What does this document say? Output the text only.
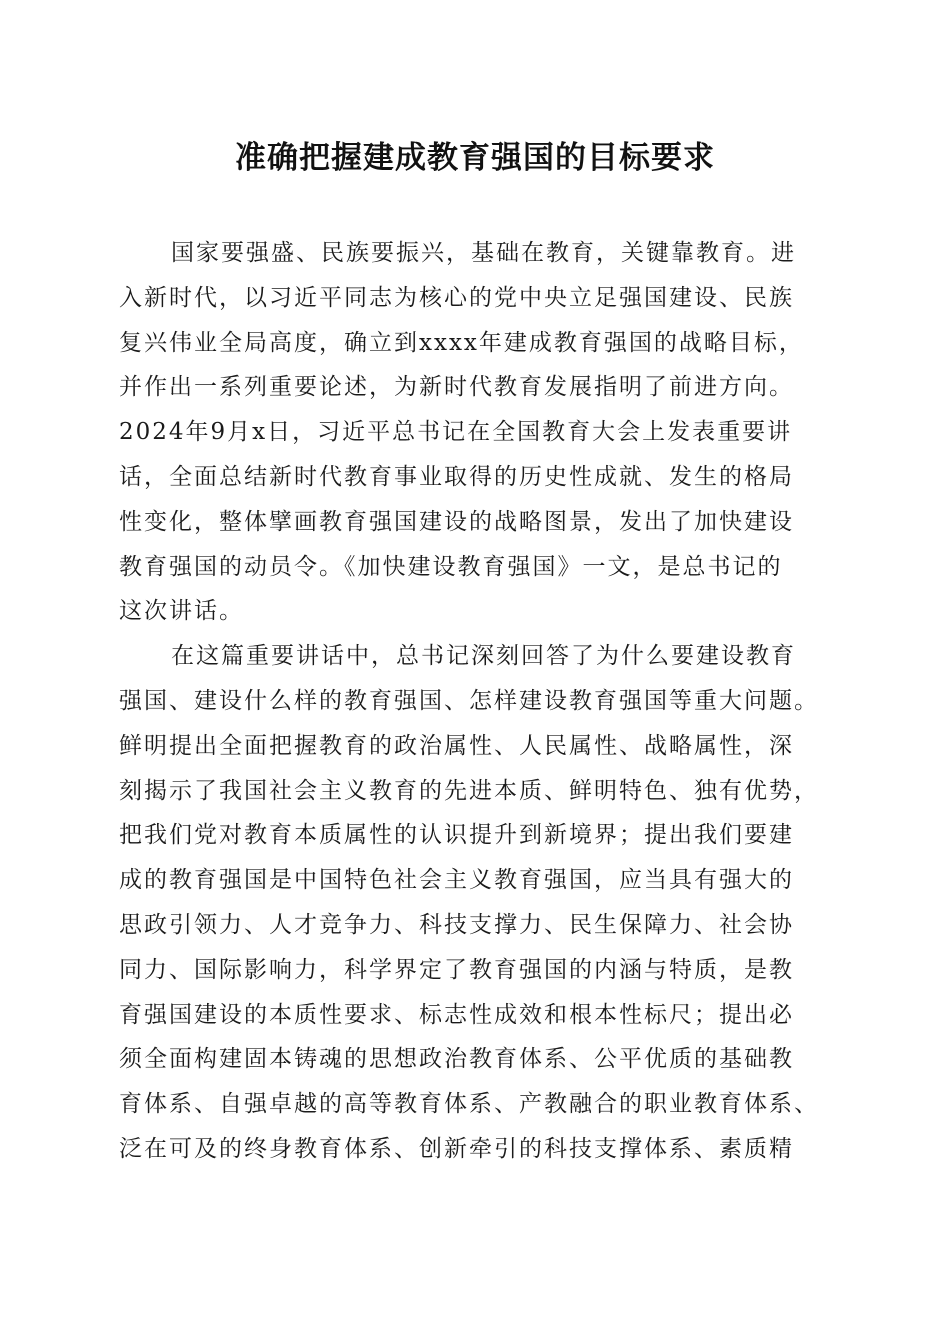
准确把握建成教育强国的目标要求
国家要强盛、民族要振兴，基础在教育，关键靠教育。进
入新时代，以习近平同志为核心的党中央立足强国建设、民族
复兴伟业全局高度，确立到xxxx年建成教育强国的战略目标，
并作出一系列重要论述，为新时代教育发展指明了前进方向。
2024年9月x日，习近平总书记在全国教育大会上发表重要讲
话，全面总结新时代教育事业取得的历史性成就、发生的格局
性变化，整体擘画教育强国建设的战略图景，发出了加快建设
教育强国的动员令。《加快建设教育强国》一文，是总书记的
这次讲话。
在这篇重要讲话中，总书记深刻回答了为什么要建设教育
强国、建设什么样的教育强国、怎样建设教育强国等重大问题。
鲜明提出全面把握教育的政治属性、人民属性、战略属性，深
刻揭示了我国社会主义教育的先进本质、鲜明特色、独有优势，
把我们党对教育本质属性的认识提升到新境界；提出我们要建
成的教育强国是中国特色社会主义教育强国，应当具有强大的
思政引领力、人才竞争力、科技支撑力、民生保障力、社会协
同力、国际影响力，科学界定了教育强国的内涵与特质，是教
育强国建设的本质性要求、标志性成效和根本性标尺；提出必
须全面构建固本铸魂的思想政治教育体系、公平优质的基础教
育体系、自强卓越的高等教育体系、产教融合的职业教育体系、
泛在可及的终身教育体系、创新牵引的科技支撑体系、素质精
